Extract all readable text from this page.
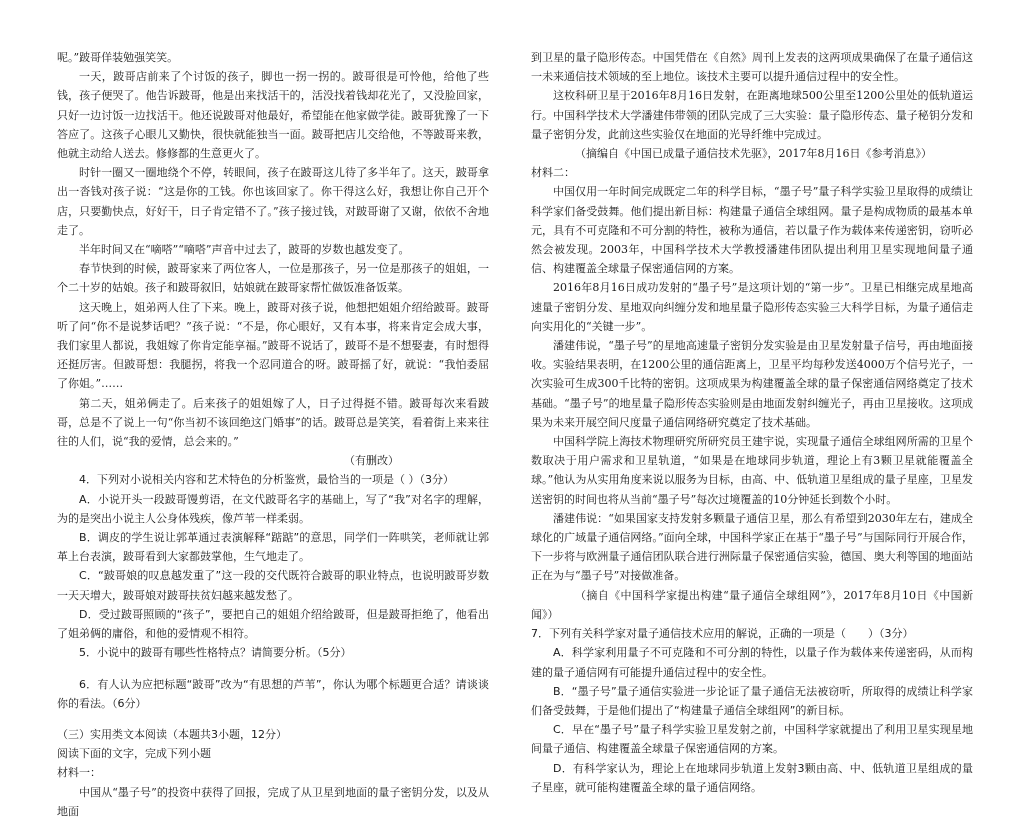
呢。”跛哥佯装勉强笑笑。

一天，跛哥店前来了个讨饭的孩子，脚也一拐一拐的。跛哥很是可怜他，给他了些钱，孩子便哭了。他告诉跛哥，他是出来找活干的，活没找着钱却花光了，又没脸回家，只好一边讨饭一边找活干。他还说跛哥对他最好，希望能在他家做学徒。跛哥犹豫了一下答应了。这孩子心眼儿又勤快，很快就能独当一面。跛哥把店儿交给他，不等跛哥来教，他就主动给人送去。修修都的生意更火了。

时针一圈又一圈地绕个不停，转眼间，孩子在跛哥这儿待了多半年了。这天，跛哥拿出一沓钱对孩子说：“这是你的工钱。你也该回家了。你干得这么好，我想让你自己开个店，只要勤快点，好好干，日子肯定错不了。”孩子接过钱，对跛哥谢了又谢，依依不舍地走了。

半年时间又在“嘀嗒”“嘀嗒”声音中过去了，跛哥的岁数也越发变了。

春节快到的时候，跛哥家来了两位客人，一位是那孩子，另一位是那孩子的姐姐，一个二十岁的姑娘。孩子和跛哥叙旧，姑娘就在跛哥家帮忙做饭准备饭菜。

这天晚上，姐弟两人住了下来。晚上，跛哥对孩子说，他想把姐姐介绍给跛哥。跛哥听了问“你不是说梦话吧？”孩子说：“不是，你心眼好，又有本事，将来肯定会成大事，我们家里人都说，我姐嫁了你肯定能享福。”跛哥不说话了，跛哥不是不想娶妻，有时想得还挺厉害。但跛哥想：我腿拐，将我一个忍同道合的呀。跛哥摇了好，就说：“我怕委屈了你姐。”……

第二天，姐弟俩走了。后来孩子的姐姐嫁了人，日子过得挺不错。跛哥每次来看跛哥，总是不了说上一句“你当初不该回绝这门婚事”的话。跛哥总是笑笑，看着街上来来往往的人们，说“我的爱情，总会来的。”

（有删改）

4．下列对小说相关内容和艺术特色的分析鉴赏，最恰当的一项是（ ）（3分）

A．小说开头一段跛哥馒剪语，在文代跛哥名字的基础上，写了“我”对名字的理解，为的是突出小说主人公身体残疾，像芦苇一样柔弱。

B．调皮的学生说让郭革通过表演解释“踮踮”的意思，同学们一阵哄笑，老师就让郭革上台表演，跛哥看到大家都鼓掌他，生气地走了。

C．“跛哥娘的叹息越发重了”这一段的交代既符合跛哥的职业特点，也说明跛哥岁数一天天增大，跛哥娘对跛哥扶贫妇越来越发愁了。

D．受过跛哥照顾的“孩子”，要把自己的姐姐介绍给跛哥，但是跛哥拒绝了，他看出了姐弟俩的庸俗，和他的爱情观不相符。

5．小说中的跛哥有哪些性格特点？请简要分析。（5分）

6．有人认为应把标题“跛哥”改为“有思想的芦苇”，你认为哪个标题更合适？请谈谈你的看法。（6分）

（三）实用类文本阅读（本题共3小题，12分）

阅读下面的文字，完成下列小题

材料一：

中国从“墨子号”的投资中获得了回报，完成了从卫星到地面的量子密钥分发，以及从地面

到卫星的量子隐形传态。中国凭借在《自然》周刊上发表的这两项成果确保了在量子通信这一未来通信技术领域的至上地位。该技术主要可以提升通信过程中的安全性。

这枚科研卫星于2016年8月16日发射，在距离地球500公里至1200公里处的低轨道运行。中国科学技术大学潘建伟带领的团队完成了三大实验：量子隐形传态、量子秘钥分发和量子密钥分发，此前这些实验仅在地面的光导纤维中完成过。

（摘编自《中国已成量子通信技术先驱》，2017年8月16日《参考消息》）

材料二：

中国仅用一年时间完成既定二年的科学目标，“墨子号”量子科学实验卫星取得的成绩让科学家们备受鼓舞。他们提出新目标：构建量子通信全球组网。量子是构成物质的最基本单元，具有不可克隆和不可分割的特性，被称为通信，若以量子作为载体来传递密钥，窃听必然会被发现。2003年，中国科学技术大学教授潘建伟团队提出利用卫星实现地间量子通信、构建覆盖全球量子保密通信网的方案。

2016年8月16日成功发射的“墨子号”是这项计划的“第一步”。卫星已相继完成星地高速量子密钥分发、星地双向纠缠分发和地星量子隐形传态实验三大科学目标，为量子通信走向实用化的“关键一步”。

潘建伟说，“墨子号”的星地高速量子密钥分发实验是由卫星发射量子信号，再由地面接收。实验结果表明，在1200公里的通信距离上，卫星平均每秒发送4000万个信号光子，一次实验可生成300千比特的密钥。这项成果为构建覆盖全球的量子保密通信网络奠定了技术基础。“墨子号”的地星量子隐形传态实验则是由地面发射纠缠光子，再由卫星接收。这项成果为未来开展空间尺度量子通信网络研究奠定了技术基础。

中国科学院上海技术物理研究所研究员王建宇说，实现量子通信全球组网所需的卫星个数取决于用户需求和卫星轨道，“如果是在地球同步轨道，理论上有3颗卫星就能覆盖全球。”他认为从实用角度来说以服务为目标，由高、中、低轨道卫星组成的量子星座，卫星发送密钥的时间也将从当前“墨子号”每次过境覆盖的10分钟延长到数个小时。

潘建伟说：“如果国家支持发射多颗量子通信卫星，那么有希望到2030年左右，建成全球化的广域量子通信网络。”面向全球，中国科学家正在基于“墨子号”与国际同行开展合作，下一步将与欧洲量子通信团队联合进行洲际量子保密通信实验，德国、奥大利等国的地面站正在为与“墨子号”对接做准备。

（摘自《中国科学家提出构建“量子通信全球组网”》，2017年8月10日《中国新闻》）

7．下列有关科学家对量子通信技术应用的解说，正确的一项是（　　）（3分）

A．科学家利用量子不可克隆和不可分割的特性，以量子作为载体来传递密码，从而构建的量子通信网有可能提升通信过程中的安全性。

B．“墨子号”量子通信实验进一步论证了量子通信无法被窃听，所取得的成绩让科学家们备受鼓舞，于是他们提出了“构建量子通信全球组网”的新目标。

C．早在“墨子号”量子科学实验卫星发射之前，中国科学家就提出了利用卫星实现星地间量子通信、构建覆盖全球量子保密通信网的方案。

D．有科学家认为，理论上在地球同步轨道上发射3颗由高、中、低轨道卫星组成的量子星座，就可能构建覆盖全球的量子通信网络。
